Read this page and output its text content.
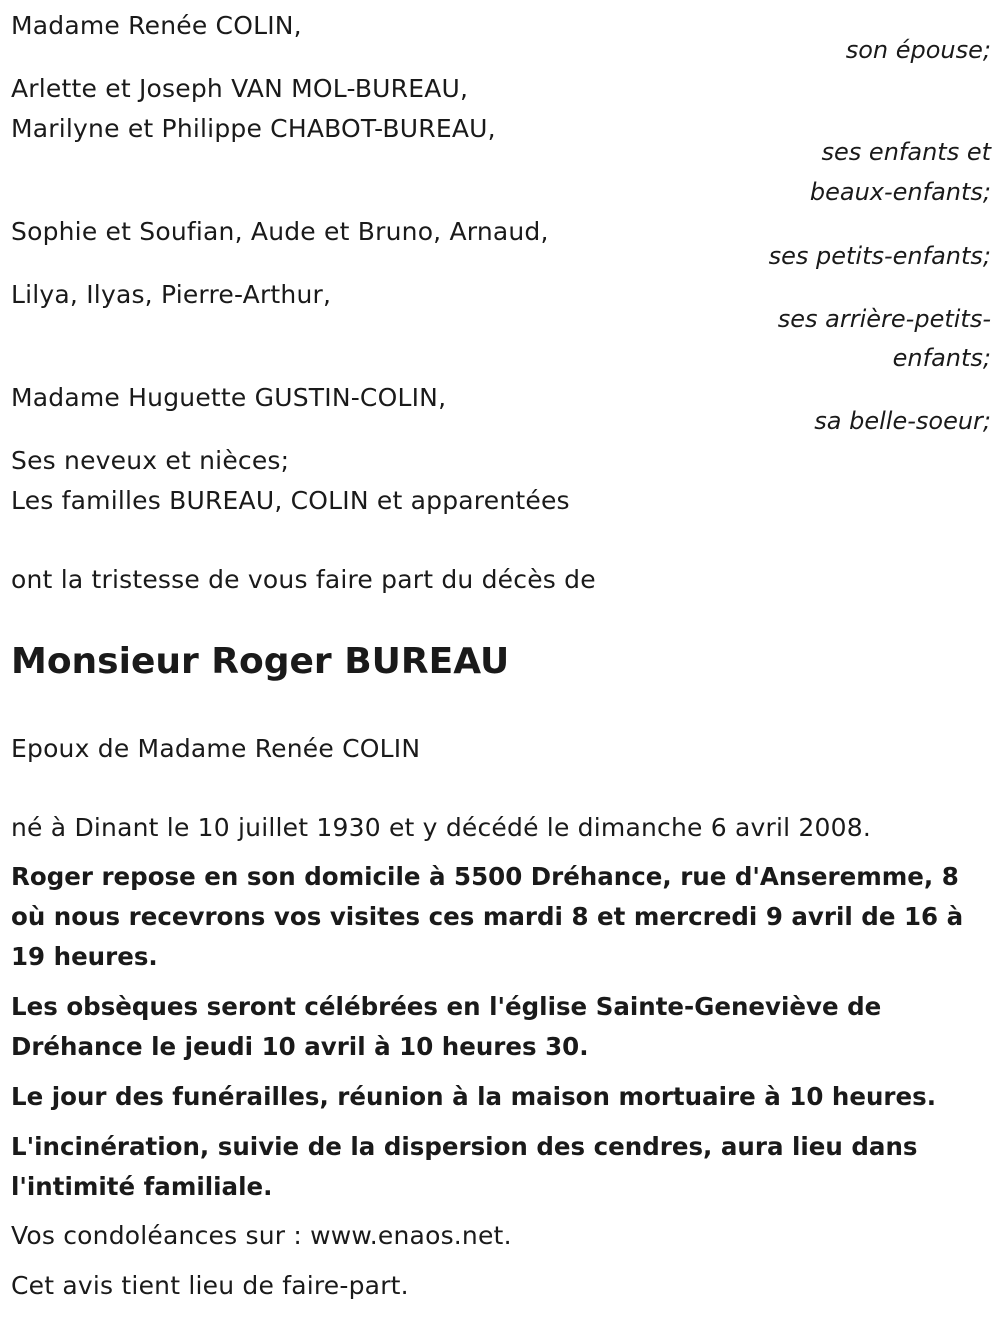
Madame Renée COLIN,
son épouse;
Arlette et Joseph VAN MOL-BUREAU,
Marilyne et Philippe CHABOT-BUREAU,
ses enfants et
beaux-enfants;
Sophie et Soufian, Aude et Bruno, Arnaud,
ses petits-enfants;
Lilya, Ilyas, Pierre-Arthur,
ses arrière-petits-
enfants;
Madame Huguette GUSTIN-COLIN,
sa belle-soeur;
Ses neveux et nièces;
Les familles BUREAU, COLIN et apparentées
ont la tristesse de vous faire part du décès de
Monsieur Roger BUREAU
Epoux de Madame Renée COLIN
né à Dinant le 10 juillet 1930 et y décédé le dimanche 6 avril 2008.
Roger repose en son domicile à 5500 Dréhance, rue d'Anseremme, 8 où nous recevrons vos visites ces mardi 8 et mercredi 9 avril de 16 à 19 heures.
Les obsèques seront célébrées en l'église Sainte-Geneviève de Dréhance le jeudi 10 avril à 10 heures 30.
Le jour des funérailles, réunion à la maison mortuaire à 10 heures.
L'incinération, suivie de la dispersion des cendres, aura lieu dans l'intimité familiale.
Vos condoléances sur : www.enaos.net.
Cet avis tient lieu de faire-part.
